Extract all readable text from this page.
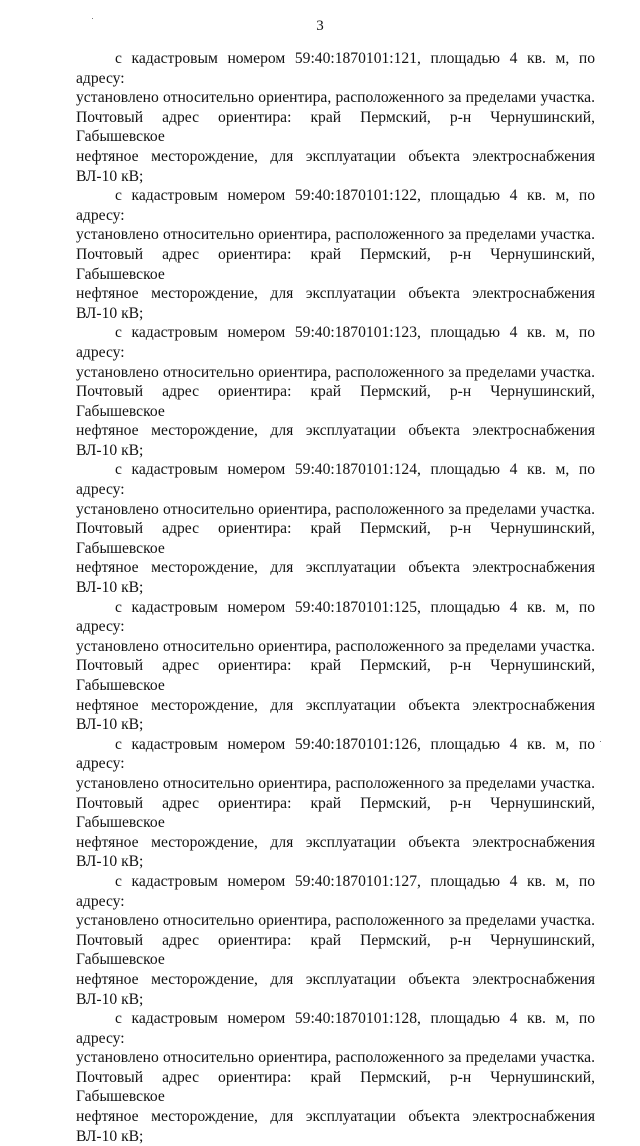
3

с кадастровым номером 59:40:1870101:121, площадью 4 кв. м, по адресу:
установлено относительно ориентира, расположенного за пределами участка.
Почтовый адрес ориентира: край Пермский, р-н Чернушинский, Габышевское
нефтяное месторождение, для эксплуатации объекта электроснабжения
ВЛ-10 кВ;

с кадастровым номером 59:40:1870101:122, площадью 4 кв. м, по адресу:
установлено относительно ориентира, расположенного за пределами участка.
Почтовый адрес ориентира: край Пермский, р-н Чернушинский, Габышевское
нефтяное месторождение, для эксплуатации объекта электроснабжения
ВЛ-10 кВ;

с кадастровым номером 59:40:1870101:123, площадью 4 кв. м, по адресу:
установлено относительно ориентира, расположенного за пределами участка.
Почтовый адрес ориентира: край Пермский, р-н Чернушинский, Габышевское
нефтяное месторождение, для эксплуатации объекта электроснабжения
ВЛ-10 кВ;

с кадастровым номером 59:40:1870101:124, площадью 4 кв. м, по адресу:
установлено относительно ориентира, расположенного за пределами участка.
Почтовый адрес ориентира: край Пермский, р-н Чернушинский, Габышевское
нефтяное месторождение, для эксплуатации объекта электроснабжения
ВЛ-10 кВ;

с кадастровым номером 59:40:1870101:125, площадью 4 кв. м, по адресу:
установлено относительно ориентира, расположенного за пределами участка.
Почтовый адрес ориентира: край Пермский, р-н Чернушинский, Габышевское
нефтяное месторождение, для эксплуатации объекта электроснабжения
ВЛ-10 кВ;

с кадастровым номером 59:40:1870101:126, площадью 4 кв. м, по адресу:
установлено относительно ориентира, расположенного за пределами участка.
Почтовый адрес ориентира: край Пермский, р-н Чернушинский, Габышевское
нефтяное месторождение, для эксплуатации объекта электроснабжения
ВЛ-10 кВ;

с кадастровым номером 59:40:1870101:127, площадью 4 кв. м, по адресу:
установлено относительно ориентира, расположенного за пределами участка.
Почтовый адрес ориентира: край Пермский, р-н Чернушинский, Габышевское
нефтяное месторождение, для эксплуатации объекта электроснабжения
ВЛ-10 кВ;

с кадастровым номером 59:40:1870101:128, площадью 4 кв. м, по адресу:
установлено относительно ориентира, расположенного за пределами участка.
Почтовый адрес ориентира: край Пермский, р-н Чернушинский, Габышевское
нефтяное месторождение, для эксплуатации объекта электроснабжения
ВЛ-10 кВ;
